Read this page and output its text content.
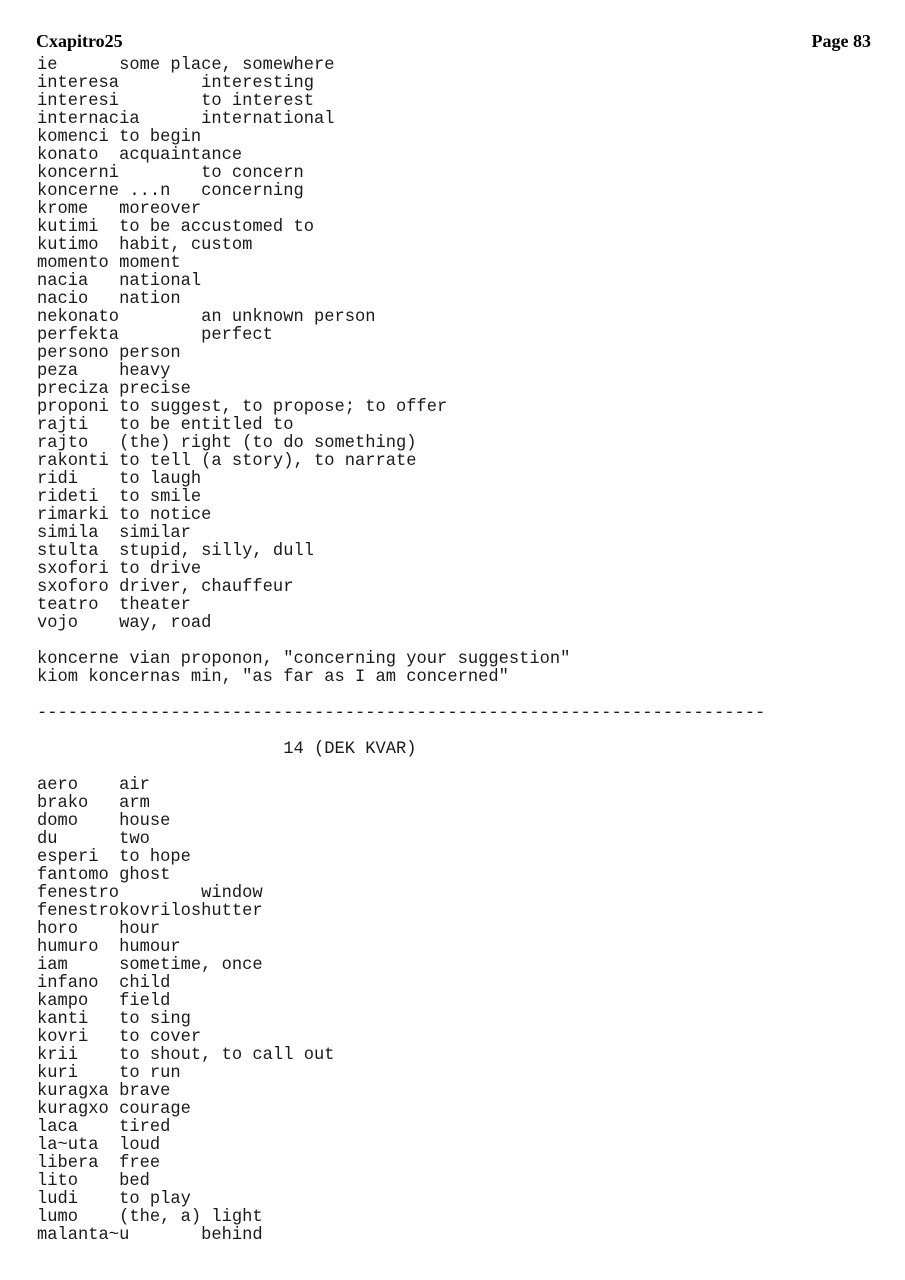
Cxapitro25	Page 83
ie      some place, somewhere
interesa        interesting
interesi        to interest
internacia      international
komenci to begin
konato  acquaintance
koncerni        to concern
koncerne ...n   concerning
krome   moreover
kutimi  to be accustomed to
kutimo  habit, custom
momento moment
nacia   national
nacio   nation
nekonato        an unknown person
perfekta        perfect
persono person
peza    heavy
preciza precise
proponi to suggest, to propose; to offer
rajti   to be entitled to
rajto   (the) right (to do something)
rakonti to tell (a story), to narrate
ridi    to laugh
rideti  to smile
rimarki to notice
simila  similar
stulta  stupid, silly, dull
sxofori to drive
sxoforo driver, chauffeur
teatro  theater
vojo    way, road
koncerne vian proponon, "concerning your suggestion"
kiom koncernas min, "as far as I am concerned"
-----------------------------------------------------------------------
14 (DEK KVAR)
aero    air
brako   arm
domo    house
du      two
esperi  to hope
fantomo ghost
fenestro        window
fenestrokovriloshutter
horo    hour
humuro  humour
iam     sometime, once
infano  child
kampo   field
kanti   to sing
kovri   to cover
krii    to shout, to call out
kuri    to run
kuragxa brave
kuragxo courage
laca    tired
la~uta  loud
libera  free
lito    bed
ludi    to play
lumo    (the, a) light
malanta~u       behind
